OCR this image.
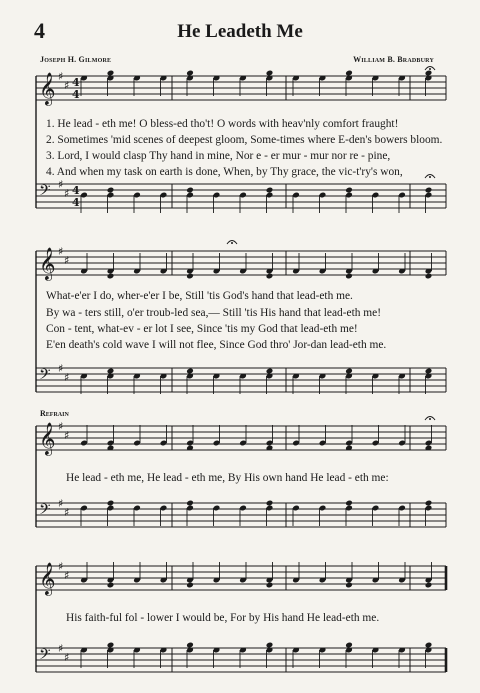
4	He Leadeth Me
Joseph H. Gilmore	William B. Bradbury
Refrain
1. He lead - eth me! O bless-ed tho't! O words with heav'nly comfort fraught!
2. Sometimes 'mid scenes of deepest gloom, Some-times where E-den's bowers bloom.
3. Lord, I would clasp Thy hand in mine, Nor e - er mur - mur nor re - pine,
4. And when my task on earth is done, When, by Thy grace, the vic-t'ry's won,
What-e'er I do, wher-e'er I be, Still 'tis God's hand that lead-eth me.
By wa - ters still, o'er troub-led sea,— Still 'tis His hand that lead-eth me!
Con - tent, what-ev - er lot I see, Since 'tis my God that lead-eth me!
E'en death's cold wave I will not flee, Since God thro' Jor-dan lead-eth me.
He lead - eth me, He lead - eth me, By His own hand He lead - eth me:
His faith-ful fol - lower I would be, For by His hand He lead-eth me.
𝄞 ♯
♯
𝄢 ♯
♯
𝄞 ♯
♯
𝄢 ♯
♯
𝄞 ♯
♯
𝄢 ♯
♯
𝄞 ♯
♯
𝄢 ♯
♯
4
4
4
4
